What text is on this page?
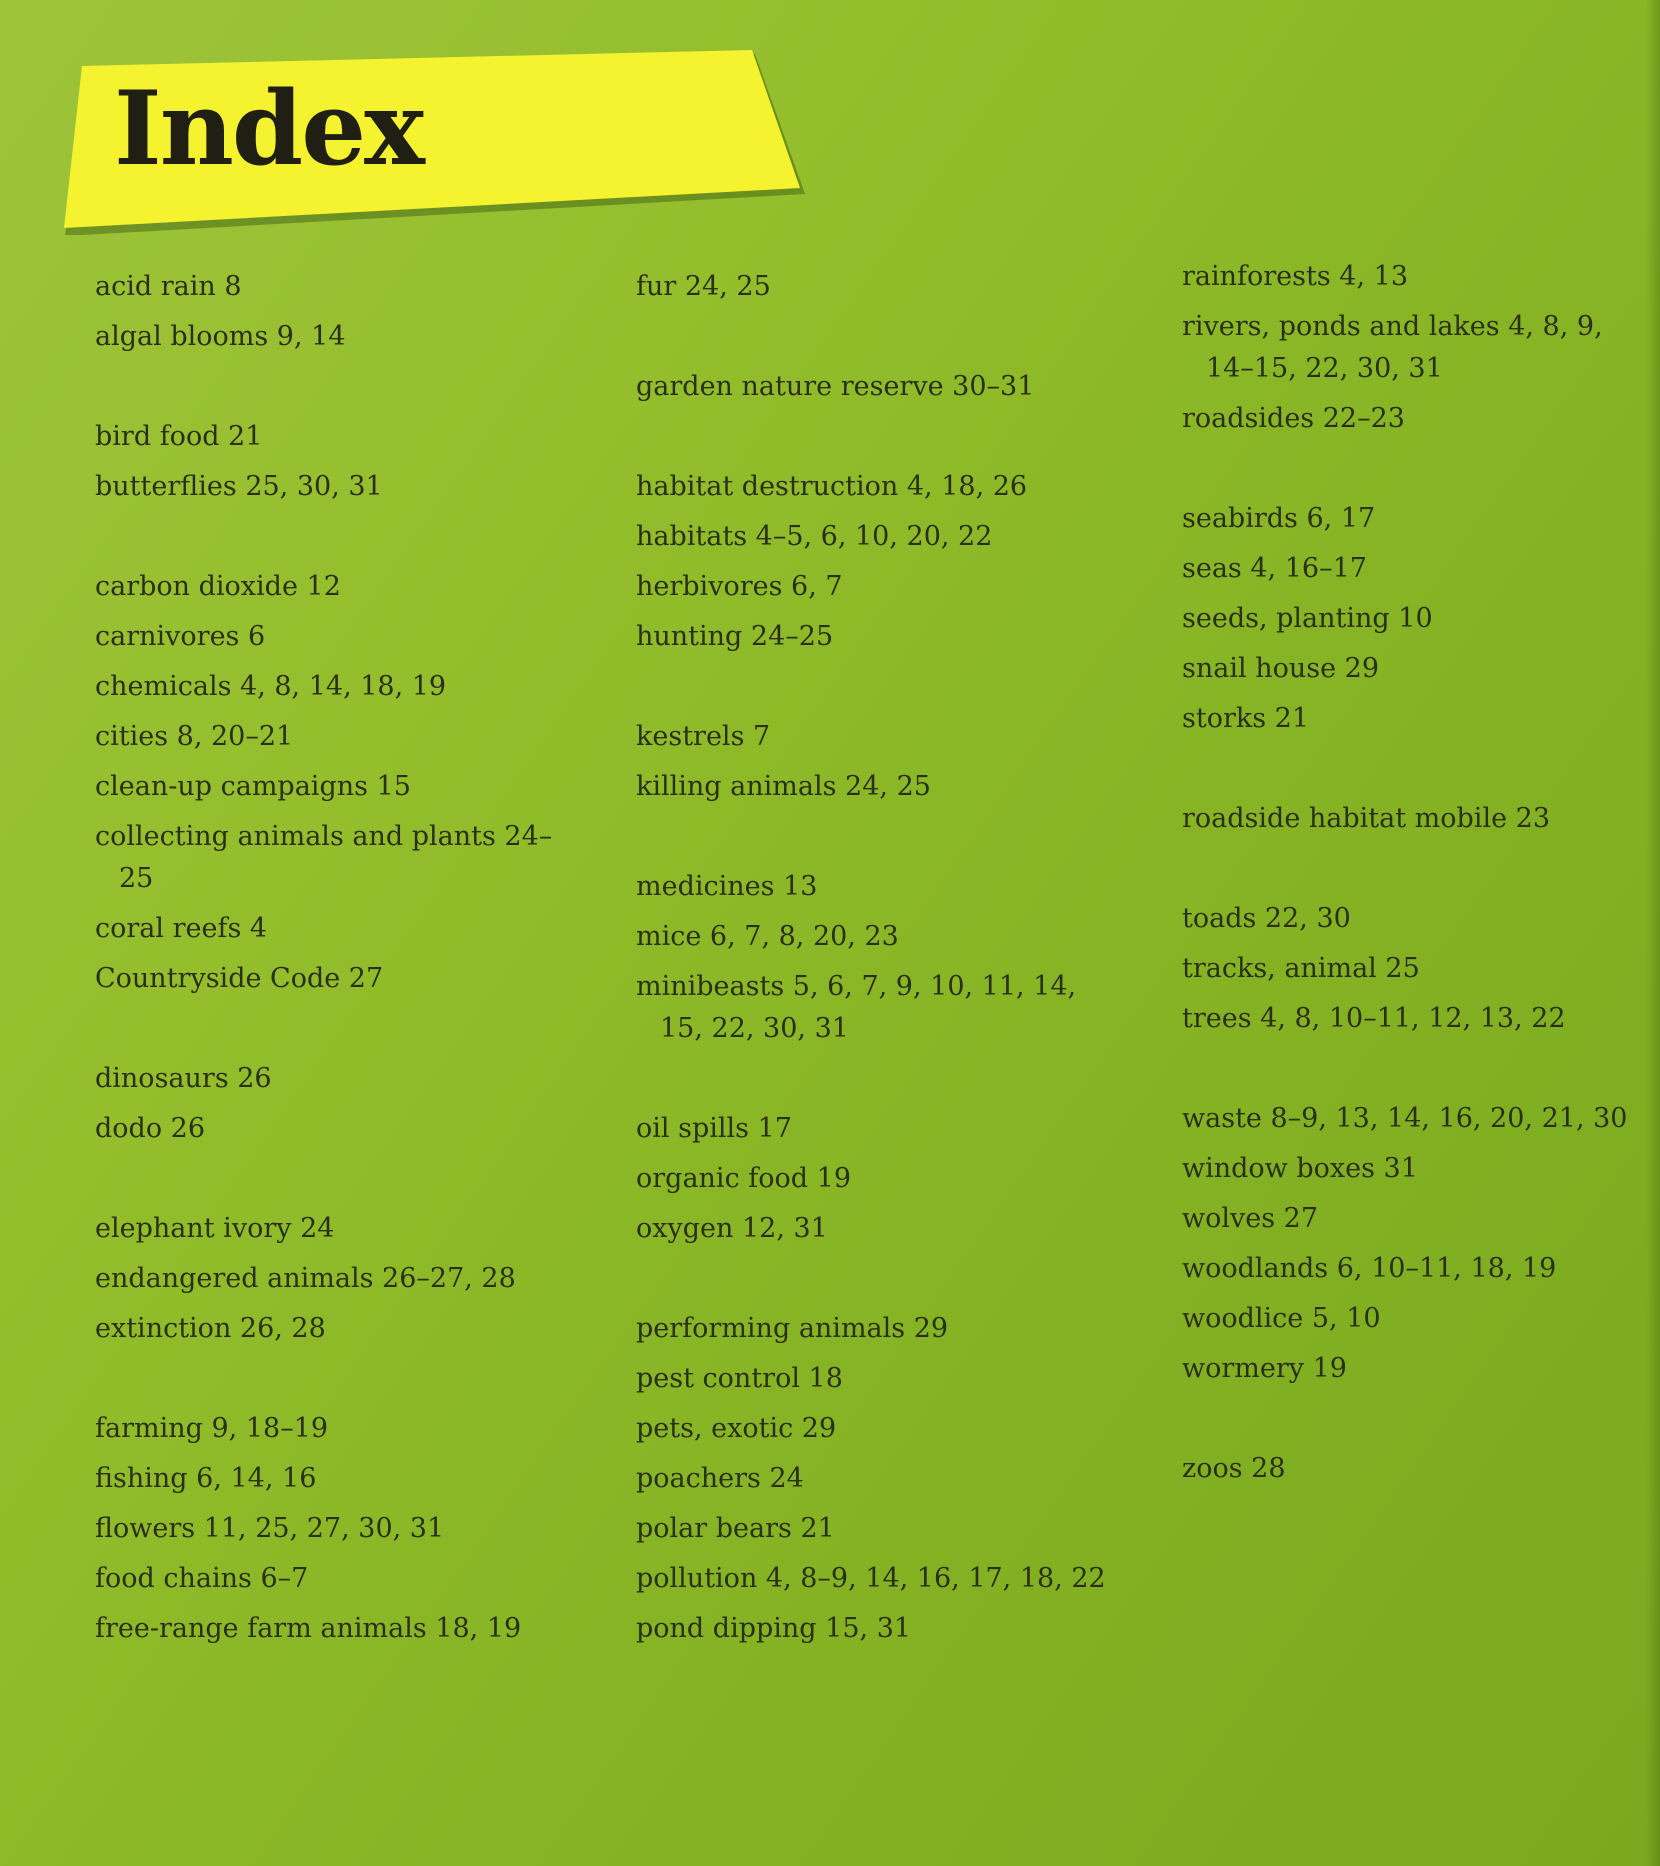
Index

acid rain 8

algal blooms 9, 14

bird food 21

butterflies 25, 30, 31

carbon dioxide 12

carnivores 6

chemicals 4, 8, 14, 18, 19

cities 8, 20–21

clean-up campaigns 15

collecting animals and plants 24–25

coral reefs 4

Countryside Code 27

dinosaurs 26

dodo 26

elephant ivory 24

endangered animals 26–27, 28

extinction 26, 28

farming 9, 18–19

fishing 6, 14, 16

flowers 11, 25, 27, 30, 31

food chains 6–7

free-range farm animals 18, 19

fur 24, 25

garden nature reserve 30–31

habitat destruction 4, 18, 26

habitats 4–5, 6, 10, 20, 22

herbivores 6, 7

hunting 24–25

kestrels 7

killing animals 24, 25

medicines 13

mice 6, 7, 8, 20, 23

minibeasts 5, 6, 7, 9, 10, 11, 14, 15, 22, 30, 31

oil spills 17

organic food 19

oxygen 12, 31

performing animals 29

pest control 18

pets, exotic 29

poachers 24

polar bears 21

pollution 4, 8–9, 14, 16, 17, 18, 22

pond dipping 15, 31

rainforests 4, 13

rivers, ponds and lakes 4, 8, 9, 14–15, 22, 30, 31

roadsides 22–23

seabirds 6, 17

seas 4, 16–17

seeds, planting 10

snail house 29

storks 21

roadside habitat mobile 23

toads 22, 30

tracks, animal 25

trees 4, 8, 10–11, 12, 13, 22

waste 8–9, 13, 14, 16, 20, 21, 30

window boxes 31

wolves 27

woodlands 6, 10–11, 18, 19

woodlice 5, 10

wormery 19

zoos 28
